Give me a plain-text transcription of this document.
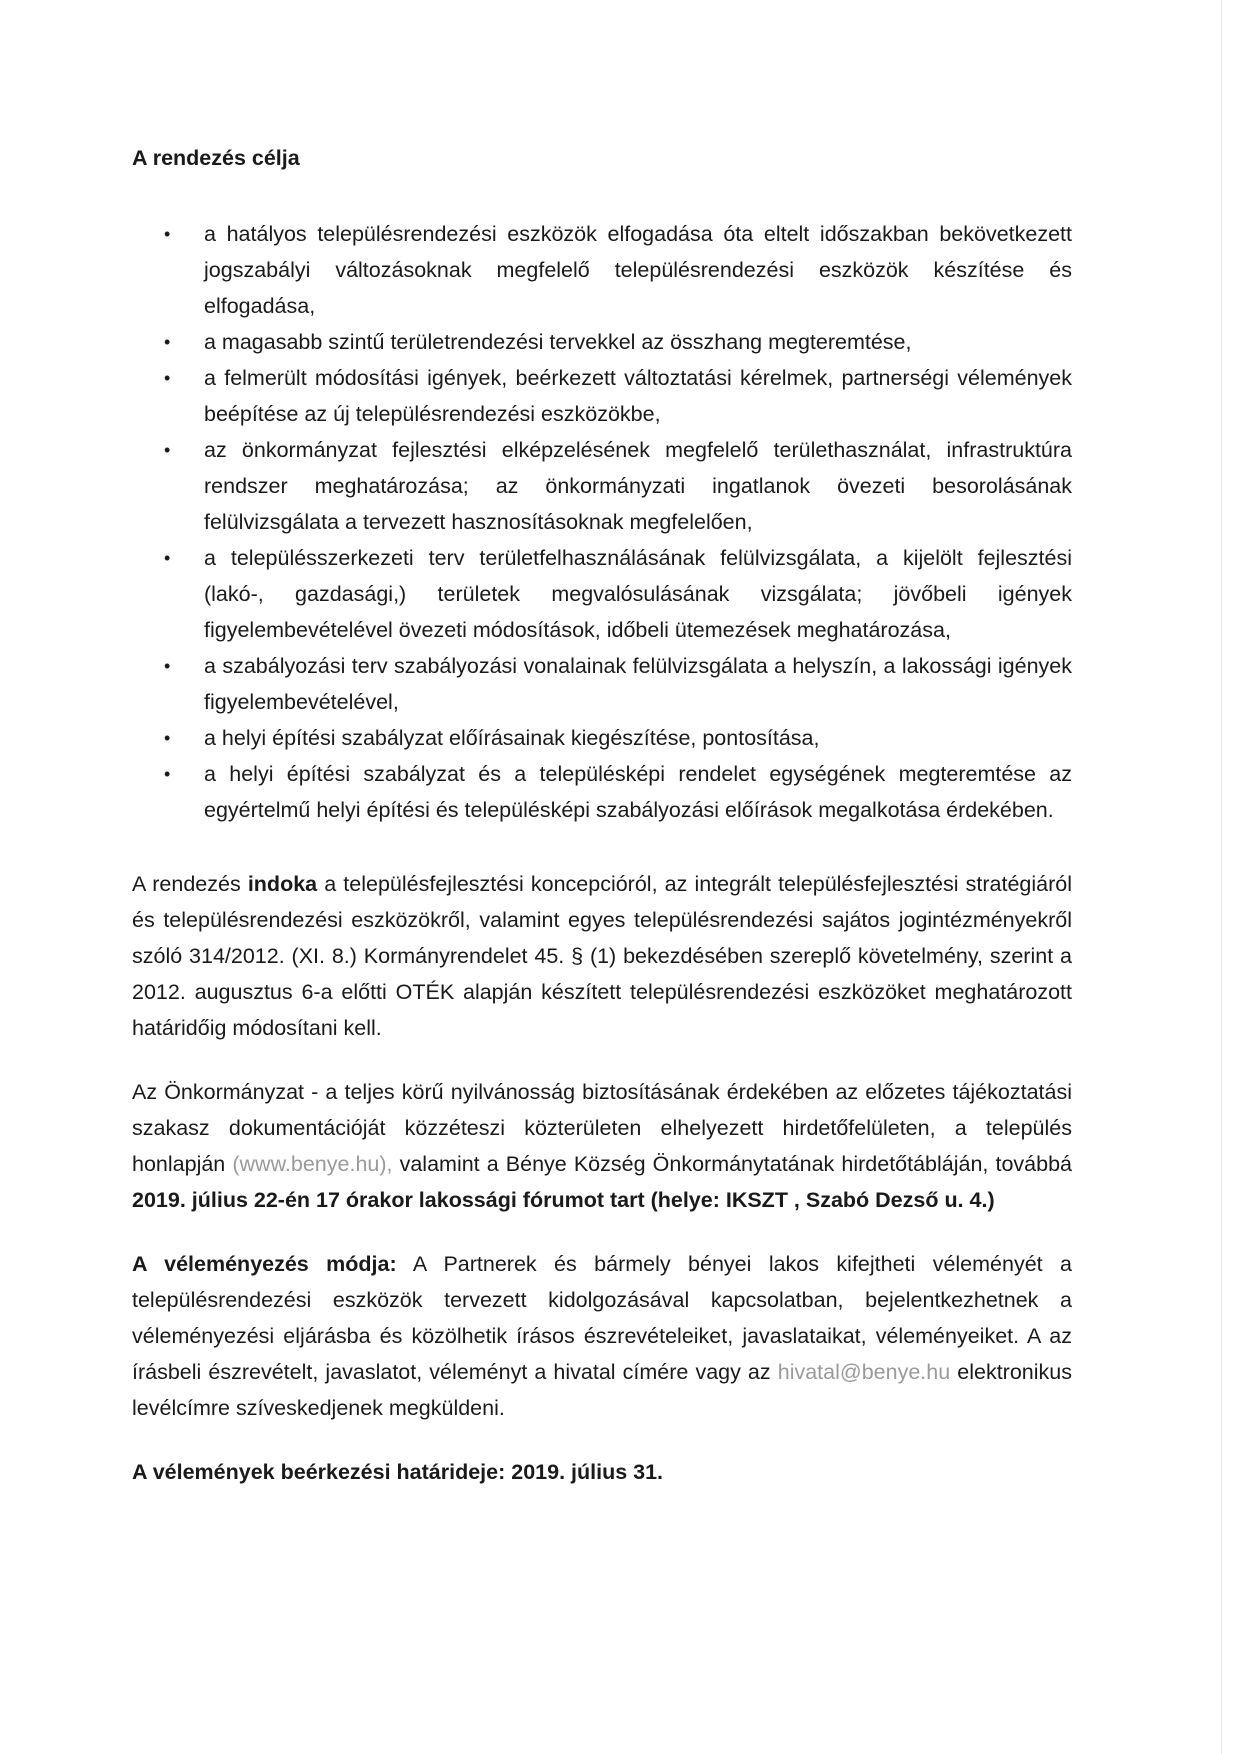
A rendezés célja
• a hatályos településrendezési eszközök elfogadása óta eltelt időszakban bekövetkezett jogszabályi változásoknak megfelelő településrendezési eszközök készítése és elfogadása,
• a magasabb szintű területrendezési tervekkel az összhang megteremtése,
• a felmerült módosítási igények, beérkezett változtatási kérelmek, partnerségi vélemények beépítése az új településrendezési eszközökbe,
• az önkormányzat fejlesztési elképzelésének megfelelő területhasználat, infrastruktúra rendszer meghatározása; az önkormányzati ingatlanok övezeti besorolásának felülvizsgálata a tervezett hasznosításoknak megfelelően,
• a településszerkezeti terv területfelhasználásának felülvizsgálata, a kijelölt fejlesztési (lakó-, gazdasági,) területek megvalósulásának vizsgálata; jövőbeli igények figyelembevételével övezeti módosítások, időbeli ütemezések meghatározása,
• a szabályozási terv szabályozási vonalainak felülvizsgálata a helyszín, a lakossági igények figyelembevételével,
• a helyi építési szabályzat előírásainak kiegészítése, pontosítása,
• a helyi építési szabályzat és a településképi rendelet egységének megteremtése az egyértelmű helyi építési és településképi szabályozási előírások megalkotása érdekében.

A rendezés indoka a településfejlesztési koncepcióról, az integrált településfejlesztési stratégiáról és településrendezési eszközökről, valamint egyes településrendezési sajátos jogintézményekről szóló 314/2012. (XI. 8.) Kormányrendelet 45. § (1) bekezdésében szereplő követelmény, szerint a 2012. augusztus 6-a előtti OTÉK alapján készített településrendezési eszközöket meghatározott határidőig módosítani kell.

Az Önkormányzat - a teljes körű nyilvánosság biztosításának érdekében az előzetes tájékoztatási szakasz dokumentációját közzéteszi közterületen elhelyezett hirdetőfelületen, a település honlapján (www.benye.hu), valamint a Bénye Község Önkormánytatának hirdetőtábláján, továbbá 2019. július 22-én 17 órakor lakossági fórumot tart (helye: IKSZT , Szabó Dezső u. 4.)

A véleményezés módja: A Partnerek és bármely bényei lakos kifejtheti véleményét a településrendezési eszközök tervezett kidolgozásával kapcsolatban, bejelentkezhetnek a véleményezési eljárásba és közölhetik írásos észrevételeiket, javaslataikat, véleményeiket. A az írásbeli észrevételt, javaslatot, véleményt a hivatal címére vagy az hivatal@benye.hu elektronikus levélcímre szíveskedjenek megküldeni.

A vélemények beérkezési határideje: 2019. július 31.
